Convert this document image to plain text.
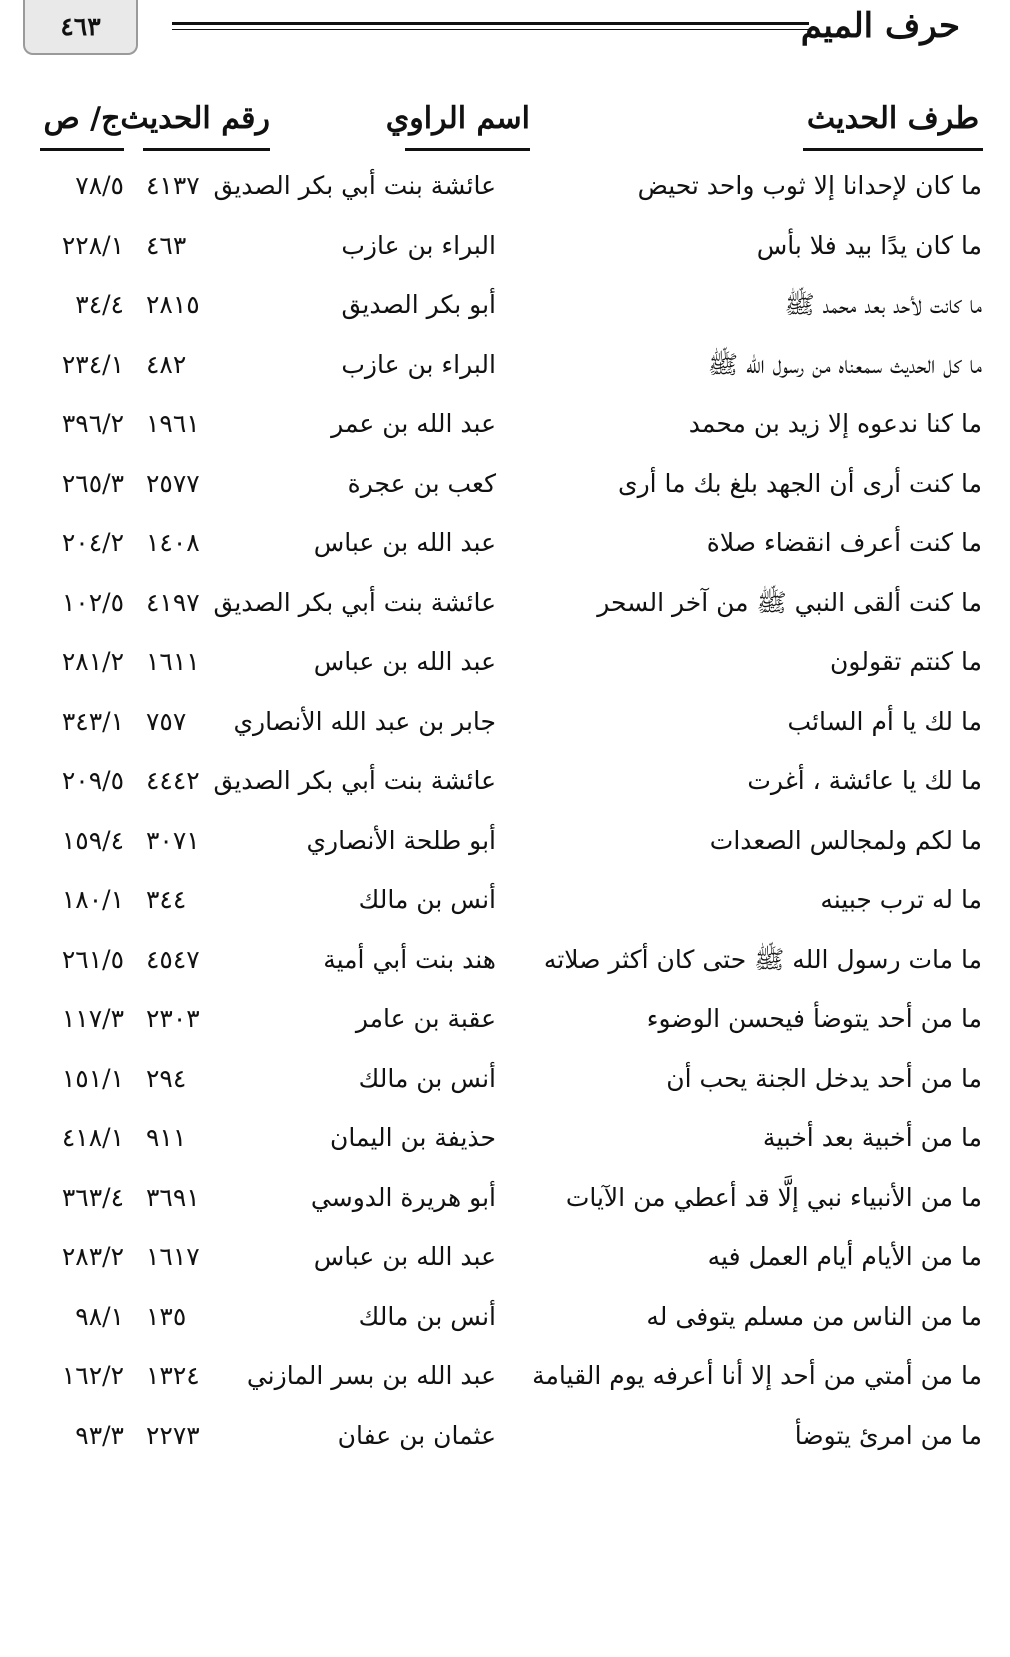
حرف الميم
٤٦٣
طرف الحديث
اسم الراوي
رقم الحديث
ج/ ص
ما كان لإحدانا إلا ثوب واحد تحيض
عائشة بنت أبي بكر الصديق
٤١٣٧
٧٨/٥
ما كان يدًا بيد فلا بأس
البراء بن عازب
٤٦٣
٢٢٨/١
ما كانت لأحد بعد محمد ﷺ
أبو بكر الصديق
٢٨١٥
٣٤/٤
ما كل الحديث سمعناه من رسول الله ﷺ
البراء بن عازب
٤٨٢
٢٣٤/١
ما كنا ندعوه إلا زيد بن محمد
عبد الله بن عمر
١٩٦١
٣٩٦/٢
ما كنت أرى أن الجهد بلغ بك ما أرى
كعب بن عجرة
٢٥٧٧
٢٦٥/٣
ما كنت أعرف انقضاء صلاة
عبد الله بن عباس
١٤٠٨
٢٠٤/٢
ما كنت ألقى النبي ﷺ من آخر السحر
عائشة بنت أبي بكر الصديق
٤١٩٧
١٠٢/٥
ما كنتم تقولون
عبد الله بن عباس
١٦١١
٢٨١/٢
ما لك يا أم السائب
جابر بن عبد الله الأنصاري
٧٥٧
٣٤٣/١
ما لك يا عائشة ، أغرت
عائشة بنت أبي بكر الصديق
٤٤٤٢
٢٠٩/٥
ما لكم ولمجالس الصعدات
أبو طلحة الأنصاري
٣٠٧١
١٥٩/٤
ما له ترب جبينه
أنس بن مالك
٣٤٤
١٨٠/١
ما مات رسول الله ﷺ حتى كان أكثر صلاته
هند بنت أبي أمية
٤٥٤٧
٢٦١/٥
ما من أحد يتوضأ فيحسن الوضوء
عقبة بن عامر
٢٣٠٣
١١٧/٣
ما من أحد يدخل الجنة يحب أن
أنس بن مالك
٢٩٤
١٥١/١
ما من أخبية بعد أخبية
حذيفة بن اليمان
٩١١
٤١٨/١
ما من الأنبياء نبي إلَّا قد أعطي من الآيات
أبو هريرة الدوسي
٣٦٩١
٣٦٣/٤
ما من الأيام أيام العمل فيه
عبد الله بن عباس
١٦١٧
٢٨٣/٢
ما من الناس من مسلم يتوفى له
أنس بن مالك
١٣٥
٩٨/١
ما من أمتي من أحد إلا أنا أعرفه يوم القيامة
عبد الله بن بسر المازني
١٣٢٤
١٦٢/٢
ما من امرئ يتوضأ
عثمان بن عفان
٢٢٧٣
٩٣/٣
